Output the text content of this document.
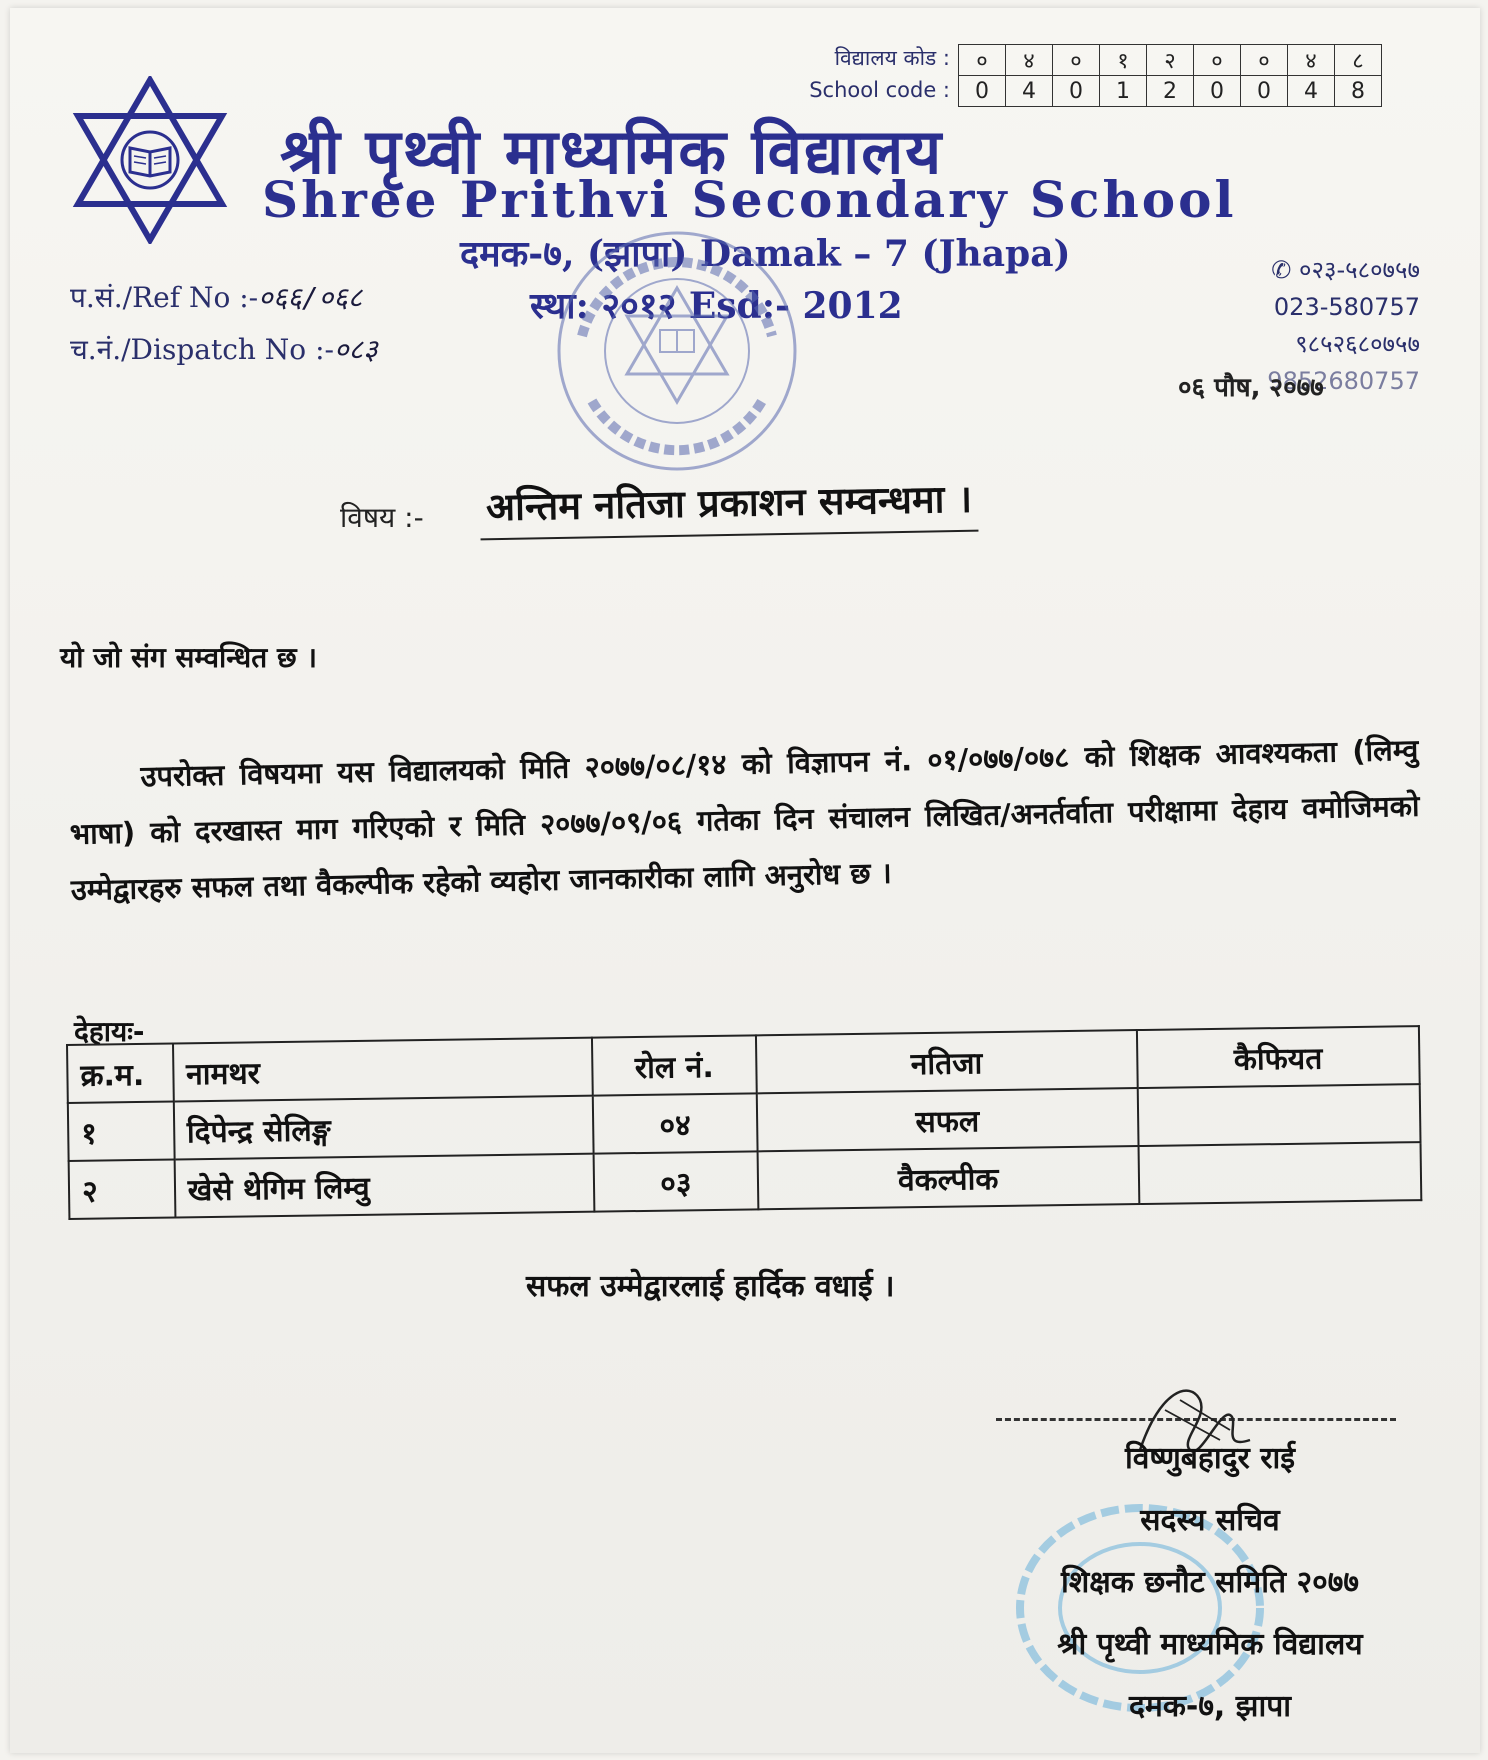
विद्यालय कोड :
School code :
०	४	०	१	२	०	०	४	८
0	4	0	1	2	0	0	4	8
श्री पृथ्वी माध्यमिक विद्यालय
Shree Prithvi Secondary School
दमक-७, (झापा) Damak – 7 (Jhapa)
स्था: २०१२ Esd:- 2012
✆ ०२३-५८०७५७
023-580757
९८५२६८०७५७
9852680757
प.सं./Ref No :-०६६/०६८
च.नं./Dispatch No :-०८३
०६ पौष, २०७७
विषय :- अन्तिम नतिजा प्रकाशन सम्वन्धमा ।
यो जो संग सम्वन्धित छ ।

उपरोक्त विषयमा यस विद्यालयको मिति २०७७/०८/१४ को विज्ञापन नं. ०१/०७७/०७८ को शिक्षक आवश्यकता (लिम्वु भाषा) को दरखास्त माग गरिएको र मिति २०७७/०९/०६ गतेका दिन संचालन लिखित/अनर्तर्वाता परीक्षामा देहाय वमोजिमको उम्मेद्वारहरु सफल तथा वैकल्पीक रहेको व्यहोरा जानकारीका लागि अनुरोध छ ।

देहायः-
क्र.म.	नामथर	रोल नं.	नतिजा	कैफियत
१	दिपेन्द्र सेलिङ्ग	०४	सफल	
२	खेसे थेगिम लिम्वु	०३	वैकल्पीक	
सफल उम्मेद्वारलाई हार्दिक वधाई ।
विष्णुबहादुर राई
सदस्य सचिव
शिक्षक छनौट समिति २०७७
श्री पृथ्वी माध्यमिक विद्यालय
दमक-७, झापा
